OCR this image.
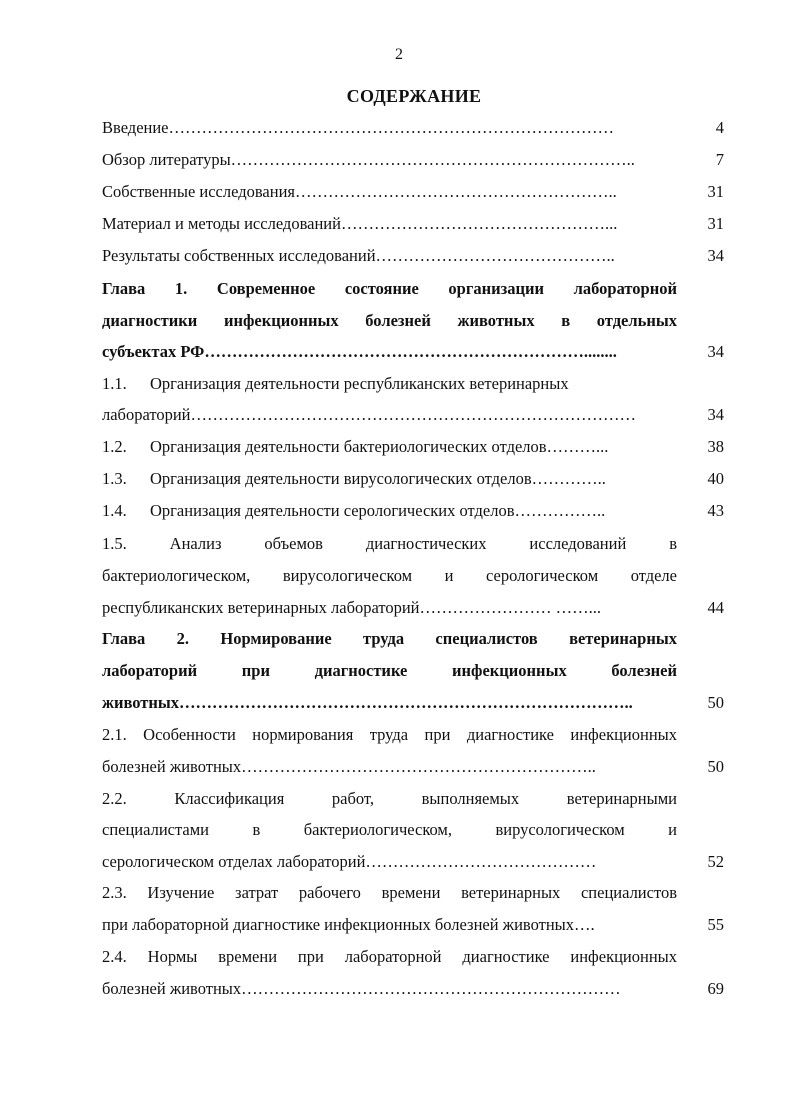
2
СОДЕРЖАНИЕ
Введение………………………………………………………………………	4
Обзор литературы………………………………………………………………..	7
Собственные исследования…………………………………………………..	31
Материал и методы исследований…………………………………………...	31
Результаты собственных исследований……………………………………..	34
Глава 1. Современное состояние организации лабораторной
диагностики инфекционных болезней животных в отдельных
субъектах РФ……………………………………………………………........	34
1.1. Организация деятельности республиканских ветеринарных
лабораторий………………………………………………………………………	34
1.2. Организация деятельности бактериологических отделов………...	38
1.3. Организация деятельности вирусологических отделов…………..	40
1.4. Организация деятельности серологических отделов……………..	43
1.5. Анализ объемов диагностических исследований в
бактериологическом, вирусологическом и серологическом отделе
республиканских ветеринарных лабораторий…………………… ……...	44
Глава 2. Нормирование труда специалистов ветеринарных
лабораторий при диагностике инфекционных болезней
животных………………………………………………………………………..	50
2.1. Особенности нормирования труда при диагностике инфекционных
болезней животных………………………………………………………..	50
2.2. Классификация работ, выполняемых ветеринарными
специалистами в бактериологическом, вирусологическом и
серологическом отделах лабораторий……………………………………	52
2.3. Изучение затрат рабочего времени ветеринарных специалистов
при лабораторной диагностике инфекционных болезней животных….	55
2.4. Нормы времени при лабораторной диагностике инфекционных
болезней животных……………………………………………………………	69
